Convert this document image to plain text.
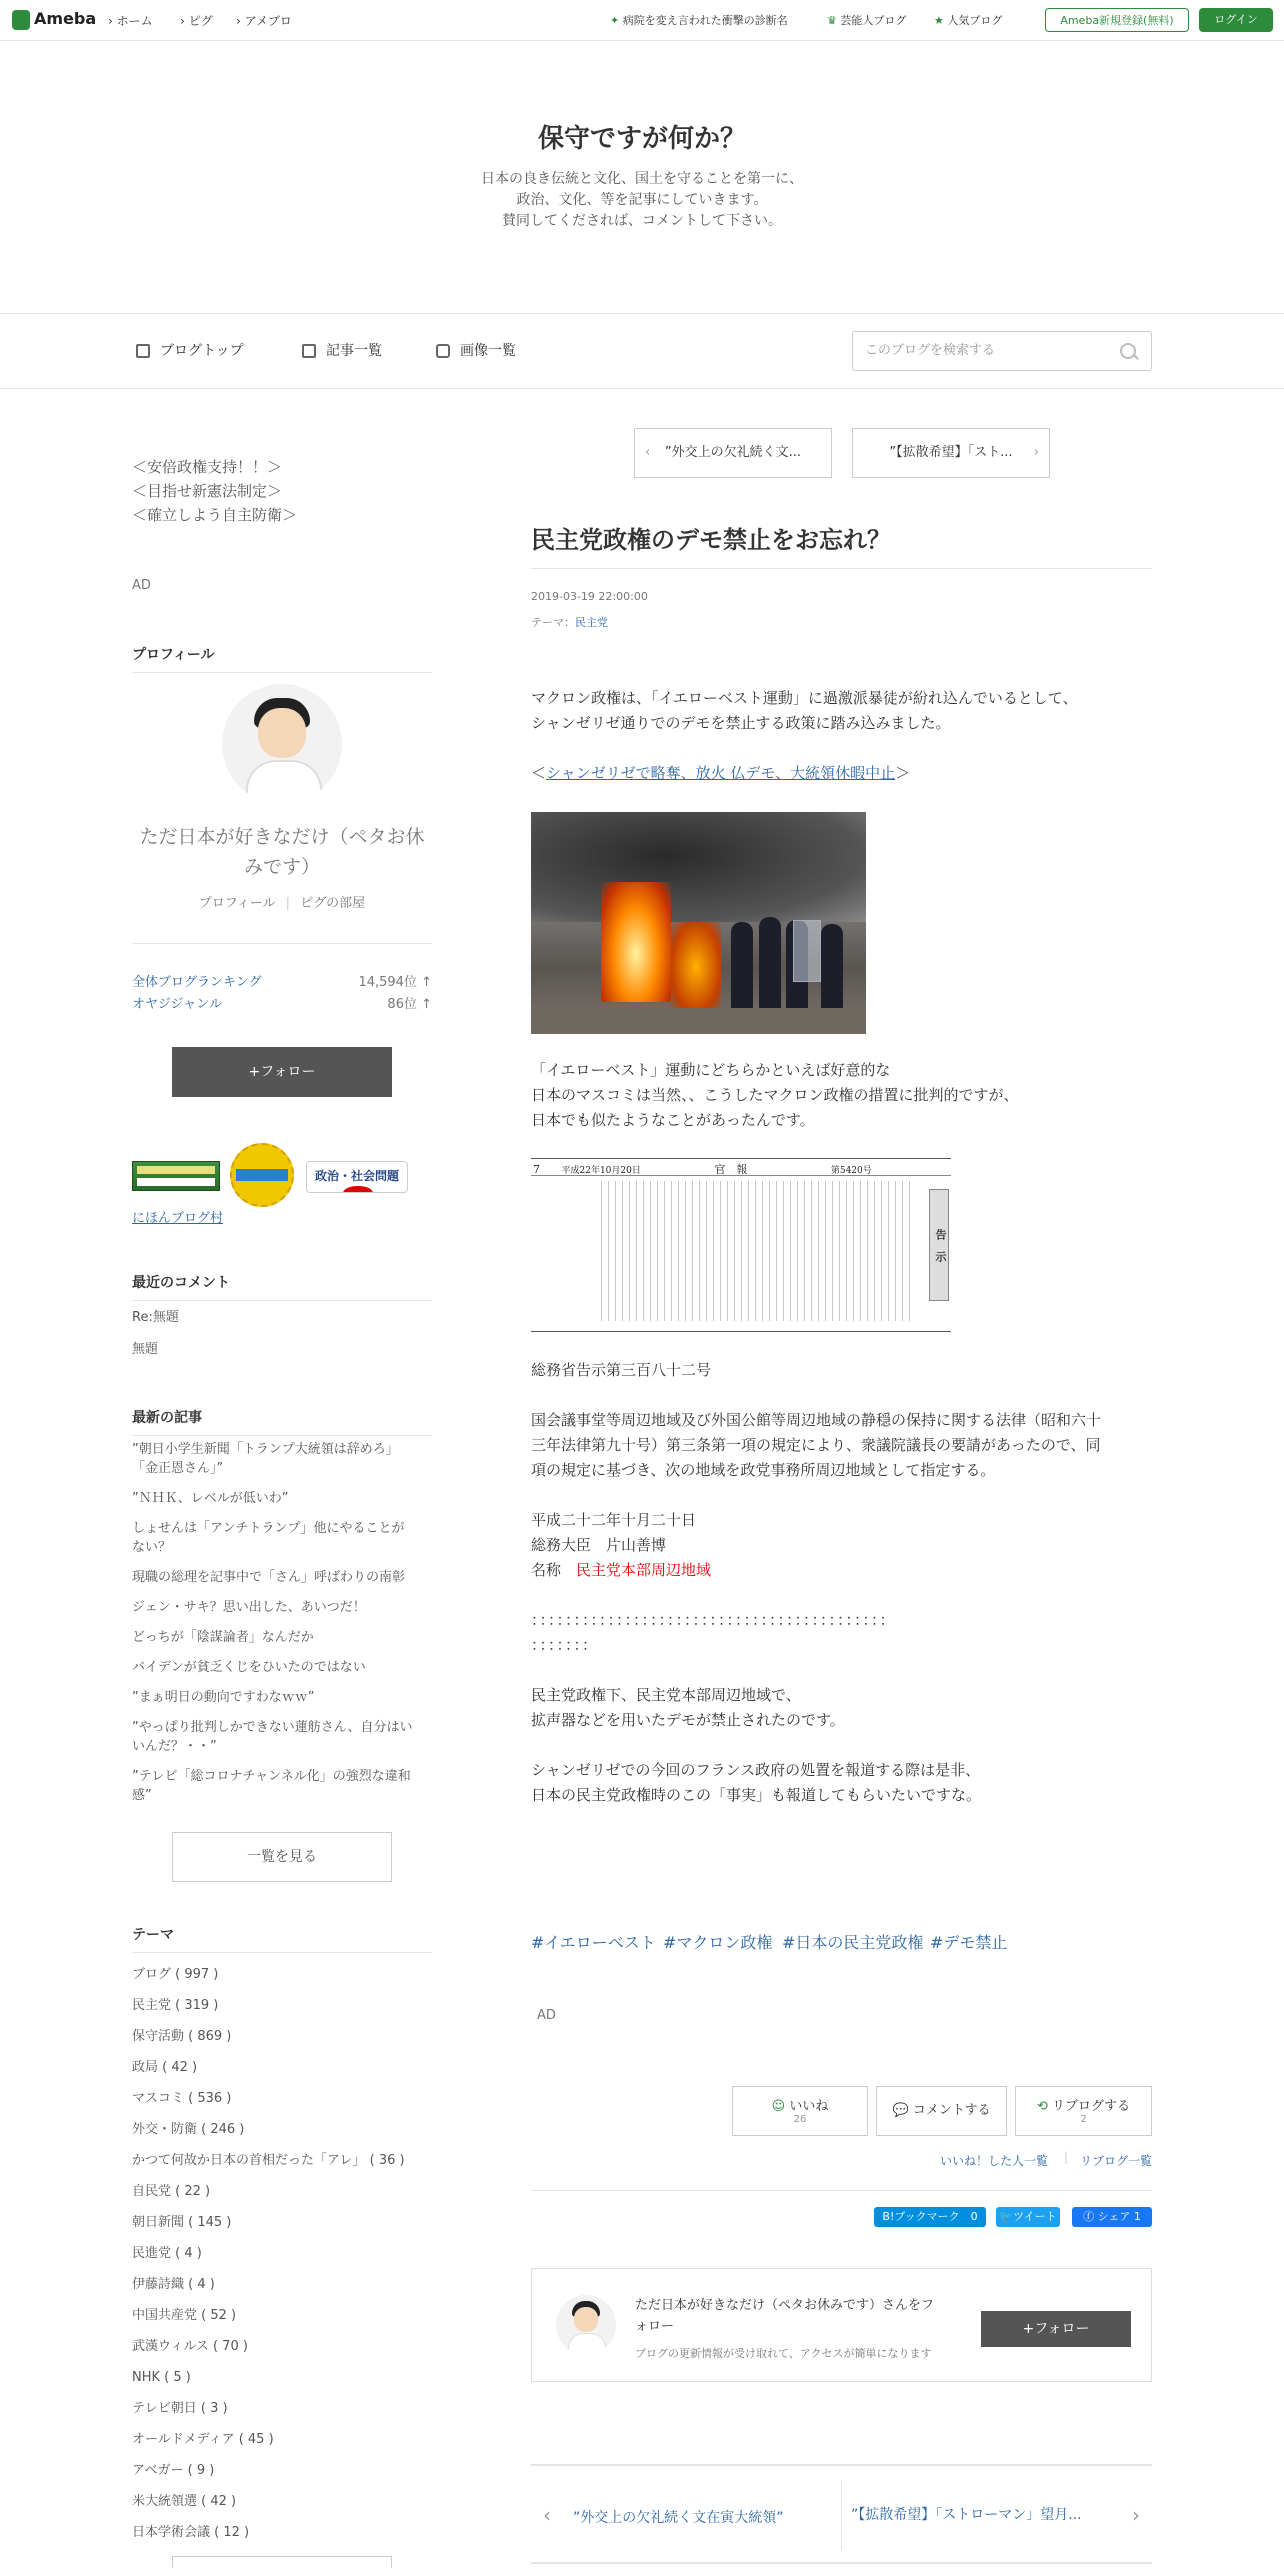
Ameba › ホーム › ピグ › アメブロ	✦ 病院を変え言われた衝撃の診断名	♛ 芸能人ブログ	★ 人気ブログ	Ameba新規登録(無料)	ログイン
保守ですが何か？
日本の良き伝統と文化、国土を守ることを第一に、
政治、文化、等を記事にしていきます。
賛同してくだされば、コメントして下さい。
ブログトップ	記事一覧	画像一覧	このブログを検索する
＜安倍政権支持！！＞
＜目指せ新憲法制定＞
＜確立しよう自主防衛＞
AD
プロフィール
ただ日本が好きなだけ（ペタお休
みです）
プロフィール | ピグの部屋
全体ブログランキング	14,594位 ↑
オヤジジャンル	86位 ↑
+フォロー
政治・社会問題
にほんブログ村
最近のコメント
Re:無題
無題
最新の記事
”朝日小学生新聞「トランプ大統領は辞めろ」
「金正恩さん」”
”ＮＨＫ、レベルが低いわ”
しょせんは「アンチトランプ」他にやることが
ない？
現職の総理を記事中で「さん」呼ばわりの南彰
ジェン・サキ？思い出した、あいつだ！
どっちが「陰謀論者」なんだか
バイデンが貧乏くじをひいたのではない
”まぁ明日の動向ですわなｗｗ”
”やっぱり批判しかできない蓮舫さん、自分はい
いんだ？・・”
”テレビ「総コロナチャンネル化」の強烈な違和
感”
一覧を見る
テーマ
ブログ ( 997 )
民主党 ( 319 )
保守活動 ( 869 )
政局 ( 42 )
マスコミ ( 536 )
外交・防衛 ( 246 )
かつて何故か日本の首相だった「アレ」 ( 36 )
自民党 ( 22 )
朝日新聞 ( 145 )
民進党 ( 4 )
伊藤詩織 ( 4 )
中国共産党 ( 52 )
武漢ウィルス ( 70 )
NHK ( 5 )
テレビ朝日 ( 3 )
オールドメディア ( 45 )
アベガー ( 9 )
米大統領選 ( 42 )
日本学術会議 ( 12 )
‹ ”外交上の欠礼続く文...	”【拡散希望】「スト... ›
民主党政権のデモ禁止をお忘れ？
2019-03-19 22:00:00
テーマ：民主党
マクロン政権は、「イエローベスト運動」に過激派暴徒が紛れ込んでいるとして、
シャンゼリゼ通りでのデモを禁止する政策に踏み込みました。
＜シャンゼリゼで略奪、放火 仏デモ、大統領休暇中止＞
「イエローベスト」運動にどちらかといえば好意的な
日本のマスコミは当然、、こうしたマクロン政権の措置に批判的ですが、
日本でも似たようなことがあったんです。
7 平成22年10月20日	官　報	第5420号
告　示
総務省告示第三百八十二号
国会議事堂等周辺地域及び外国公館等周辺地域の静穏の保持に関する法律（昭和六十
三年法律第九十号）第三条第一項の規定により、衆議院議長の要請があったので、同
項の規定に基づき、次の地域を政党事務所周辺地域として指定する。
平成二十二年十月二十日
総務大臣　片山善博
名称　民主党本部周辺地域
：：：：：：：：：：：：：：：：：：：：：：：：：：：：：：：：：：：：：：：：：：
：：：：：：：
民主党政権下、民主党本部周辺地域で、
拡声器などを用いたデモが禁止されたのです。
シャンゼリゼでの今回のフランス政府の処置を報道する際は是非、
日本の民主党政権時のこの「事実」も報道してもらいたいですな。
#イエローベスト #マクロン政権 #日本の民主党政権 #デモ禁止
AD
☺ いいね
26
💬 コメントする	⟲ リブログする
2
いいね！した人一覧 | リブログ一覧
B!ブックマーク　0	🐦ツイート	ⓕ シェア 1
ただ日本が好きなだけ（ペタお休みです）さんをフ
ォロー
ブログの更新情報が受け取れて、アクセスが簡単になります
+フォロー
‹ ”外交上の欠礼続く文在寅大統領”	”【拡散希望】「ストローマン」望月...	›
